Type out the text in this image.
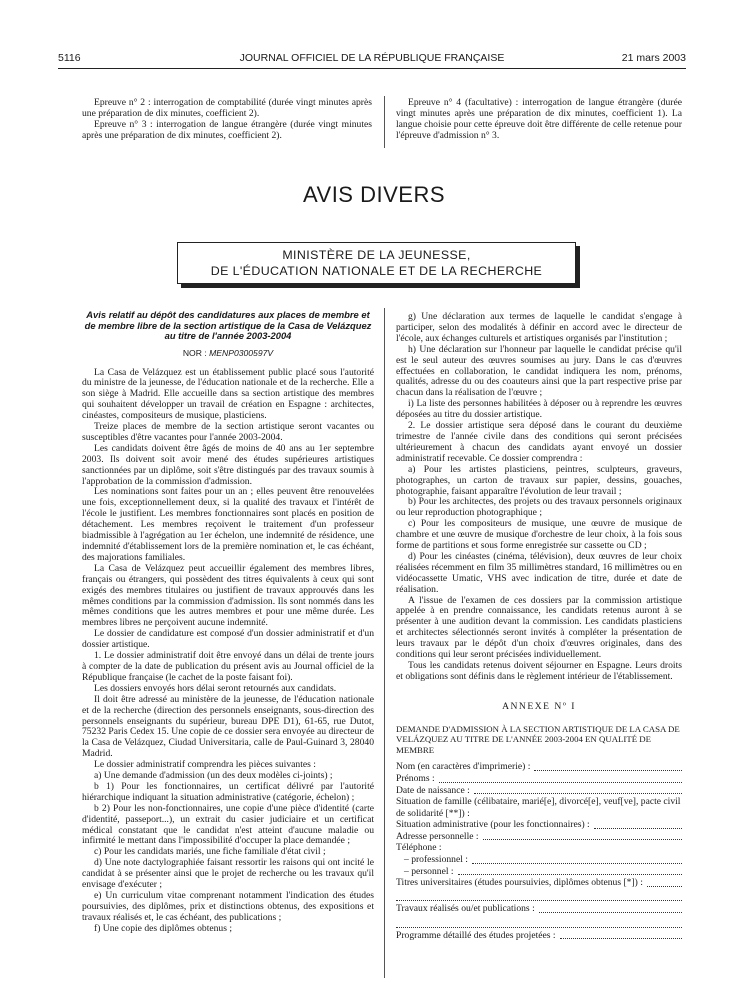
5116	JOURNAL OFFICIEL DE LA RÉPUBLIQUE FRANÇAISE	21 mars 2003

Epreuve n° 2 : interrogation de comptabilité (durée vingt minutes après une préparation de dix minutes, coefficient 2).

Epreuve n° 3 : interrogation de langue étrangère (durée vingt minutes après une préparation de dix minutes, coefficient 2).

Epreuve n° 4 (facultative) : interrogation de langue étrangère (durée vingt minutes après une préparation de dix minutes, coefficient 1). La langue choisie pour cette épreuve doit être différente de celle retenue pour l'épreuve d'admission n° 3.

AVIS DIVERS
MINISTÈRE DE LA JEUNESSE,
DE L'ÉDUCATION NATIONALE ET DE LA RECHERCHE

Avis relatif au dépôt des candidatures aux places de membre et de membre libre de la section artistique de la Casa de Velázquez au titre de l'année 2003-2004

NOR : MENP0300597V

La Casa de Velázquez est un établissement public placé sous l'autorité du ministre de la jeunesse, de l'éducation nationale et de la recherche. Elle a son siège à Madrid. Elle accueille dans sa section artistique des membres qui souhaitent développer un travail de création en Espagne : architectes, cinéastes, compositeurs de musique, plasticiens.

Treize places de membre de la section artistique seront vacantes ou susceptibles d'être vacantes pour l'année 2003-2004.

Les candidats doivent être âgés de moins de 40 ans au 1er septembre 2003. Ils doivent soit avoir mené des études supérieures artistiques sanctionnées par un diplôme, soit s'être distingués par des travaux soumis à l'approbation de la commission d'admission.

Les nominations sont faites pour un an ; elles peuvent être renouvelées une fois, exceptionnellement deux, si la qualité des travaux et l'intérêt de l'école le justifient. Les membres fonctionnaires sont placés en position de détachement. Les membres reçoivent le traitement d'un professeur biadmissible à l'agrégation au 1er échelon, une indemnité de résidence, une indemnité d'établissement lors de la première nomination et, le cas échéant, des majorations familiales.

La Casa de Velázquez peut accueillir également des membres libres, français ou étrangers, qui possèdent des titres équivalents à ceux qui sont exigés des membres titulaires ou justifient de travaux approuvés dans les mêmes conditions par la commission d'admission. Ils sont nommés dans les mêmes conditions que les autres membres et pour une même durée. Les membres libres ne perçoivent aucune indemnité.

Le dossier de candidature est composé d'un dossier administratif et d'un dossier artistique.

1. Le dossier administratif doit être envoyé dans un délai de trente jours à compter de la date de publication du présent avis au Journal officiel de la République française (le cachet de la poste faisant foi).

Les dossiers envoyés hors délai seront retournés aux candidats.

Il doit être adressé au ministère de la jeunesse, de l'éducation nationale et de la recherche (direction des personnels enseignants, sous-direction des personnels enseignants du supérieur, bureau DPE D1), 61-65, rue Dutot, 75232 Paris Cedex 15. Une copie de ce dossier sera envoyée au directeur de la Casa de Velázquez, Ciudad Universitaria, calle de Paul-Guinard 3, 28040 Madrid.

Le dossier administratif comprendra les pièces suivantes :

a) Une demande d'admission (un des deux modèles ci-joints) ;

b 1) Pour les fonctionnaires, un certificat délivré par l'autorité hiérarchique indiquant la situation administrative (catégorie, échelon) ;

b 2) Pour les non-fonctionnaires, une copie d'une pièce d'identité (carte d'identité, passeport...), un extrait du casier judiciaire et un certificat médical constatant que le candidat n'est atteint d'aucune maladie ou infirmité le mettant dans l'impossibilité d'occuper la place demandée ;

c) Pour les candidats mariés, une fiche familiale d'état civil ;

d) Une note dactylographiée faisant ressortir les raisons qui ont incité le candidat à se présenter ainsi que le projet de recherche ou les travaux qu'il envisage d'exécuter ;

e) Un curriculum vitae comprenant notamment l'indication des études poursuivies, des diplômes, prix et distinctions obtenus, des expositions et travaux réalisés et, le cas échéant, des publications ;

f) Une copie des diplômes obtenus ;

g) Une déclaration aux termes de laquelle le candidat s'engage à participer, selon des modalités à définir en accord avec le directeur de l'école, aux échanges culturels et artistiques organisés par l'institution ;

h) Une déclaration sur l'honneur par laquelle le candidat précise qu'il est le seul auteur des œuvres soumises au jury. Dans le cas d'œuvres effectuées en collaboration, le candidat indiquera les nom, prénoms, qualités, adresse du ou des coauteurs ainsi que la part respective prise par chacun dans la réalisation de l'œuvre ;

i) La liste des personnes habilitées à déposer ou à reprendre les œuvres déposées au titre du dossier artistique.

2. Le dossier artistique sera déposé dans le courant du deuxième trimestre de l'année civile dans des conditions qui seront précisées ultérieurement à chacun des candidats ayant envoyé un dossier administratif recevable. Ce dossier comprendra :

a) Pour les artistes plasticiens, peintres, sculpteurs, graveurs, photographes, un carton de travaux sur papier, dessins, gouaches, photographie, faisant apparaître l'évolution de leur travail ;

b) Pour les architectes, des projets ou des travaux personnels originaux ou leur reproduction photographique ;

c) Pour les compositeurs de musique, une œuvre de musique de chambre et une œuvre de musique d'orchestre de leur choix, à la fois sous forme de partitions et sous forme enregistrée sur cassette ou CD ;

d) Pour les cinéastes (cinéma, télévision), deux œuvres de leur choix réalisées récemment en film 35 millimètres standard, 16 millimètres ou en vidéocassette Umatic, VHS avec indication de titre, durée et date de réalisation.

A l'issue de l'examen de ces dossiers par la commission artistique appelée à en prendre connaissance, les candidats retenus auront à se présenter à une audition devant la commission. Les candidats plasticiens et architectes sélectionnés seront invités à compléter la présentation de leurs travaux par le dépôt d'un choix d'œuvres originales, dans des conditions qui leur seront précisées individuellement.

Tous les candidats retenus doivent séjourner en Espagne. Leurs droits et obligations sont définis dans le règlement intérieur de l'établissement.

ANNEXE Nº I

DEMANDE D'ADMISSION À LA SECTION ARTISTIQUE DE LA CASA DE VELÁZQUEZ AU TITRE DE L'ANNÉE 2003-2004 EN QUALITÉ DE MEMBRE

Nom (en caractères d'imprimerie) :
Prénoms :
Date de naissance :
Situation de famille (célibataire, marié[e], divorcé[e], veuf[ve], pacte civil de solidarité [**]) :
Situation administrative (pour les fonctionnaires) :
Adresse personnelle :
Téléphone :
– professionnel :
– personnel :
Titres universitaires (études poursuivies, diplômes obtenus [*]) :
Travaux réalisés ou/et publications :
Programme détaillé des études projetées :
